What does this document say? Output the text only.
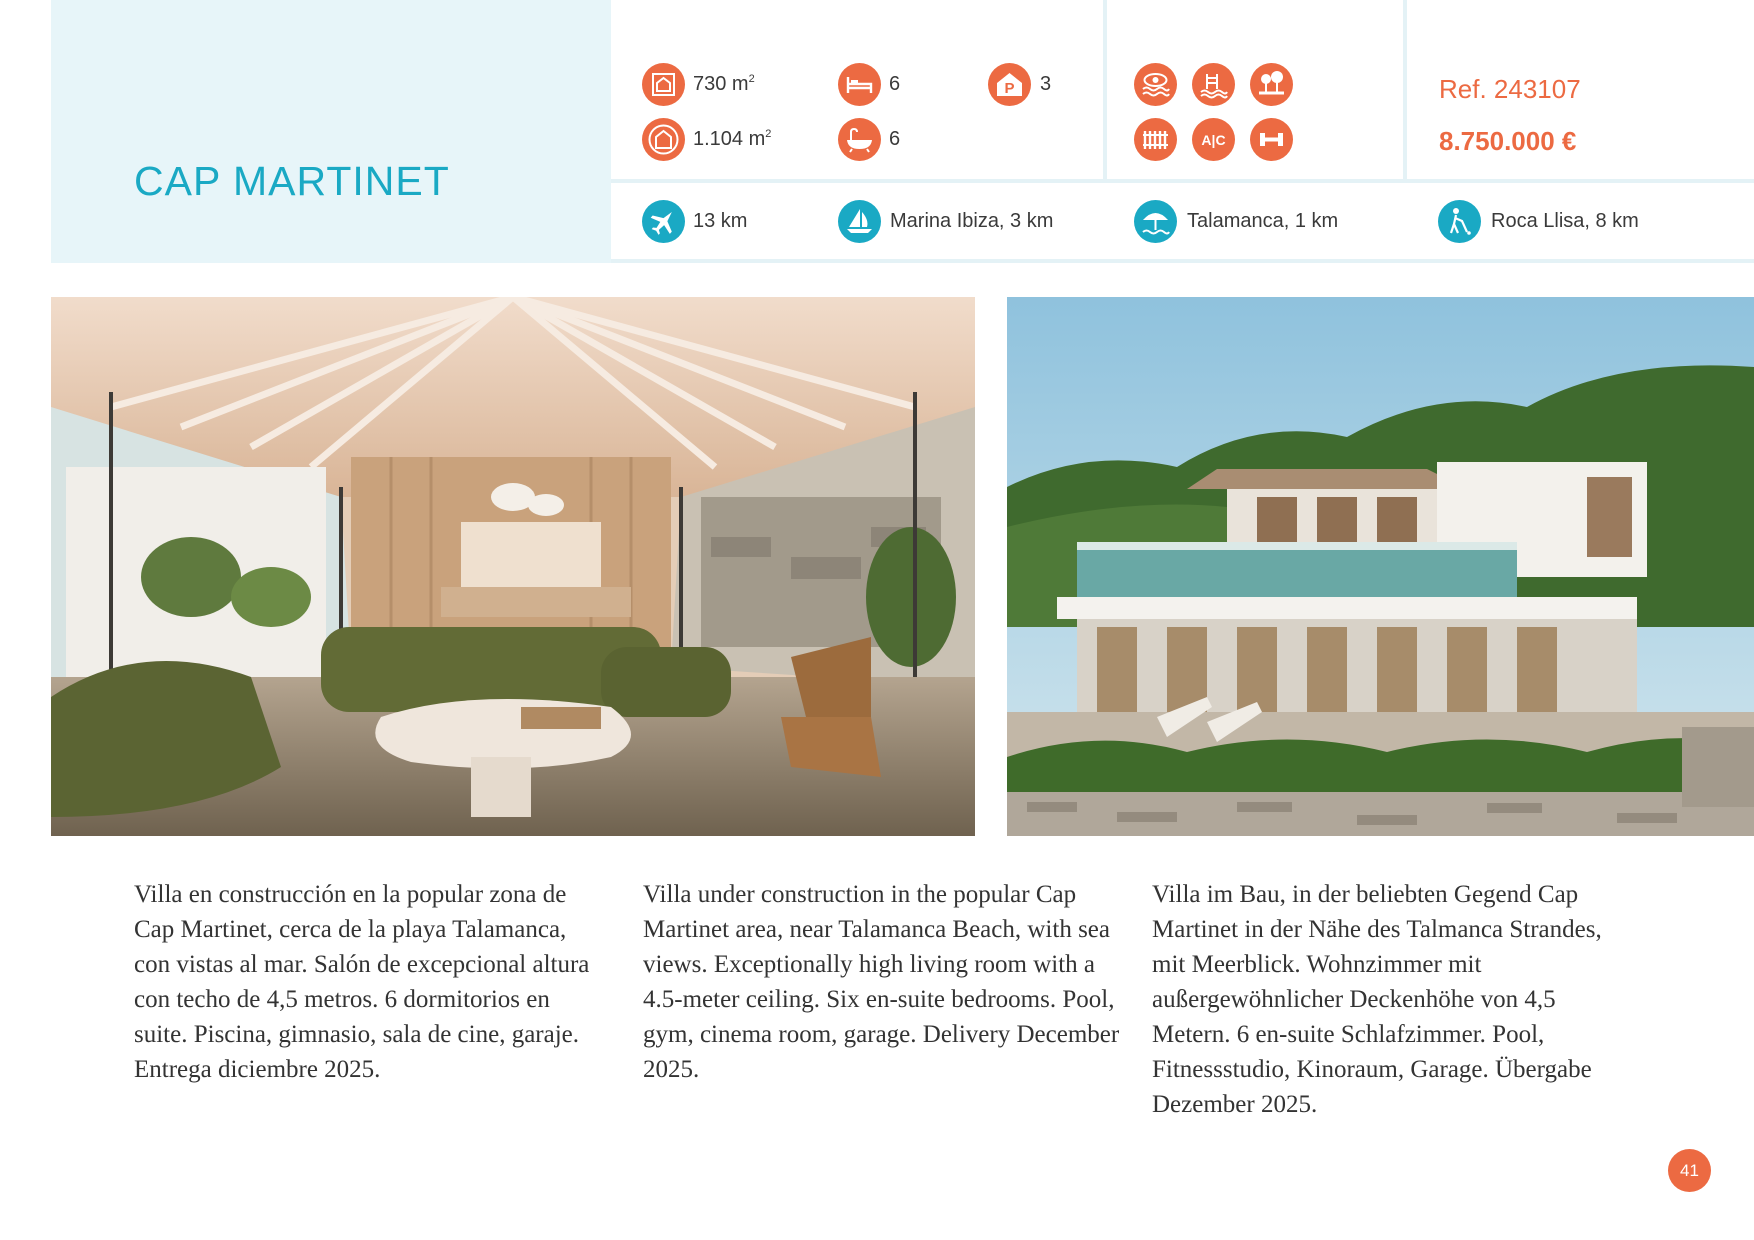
CAP MARTINET
730 $m^2$
1.104 $m^2$
6
6
P 3
A|C
Ref. 243107
8.750.000 €
13 km	Marina Ibiza, 3 km	Talamanca, 1 km	Roca Llisa, 8 km
Villa en construcción en la popular zona de Cap Martinet, cerca de la playa Talamanca, con vistas al mar. Salón de excepcional altura con techo de 4,5 metros. 6 dormitorios en suite. Piscina, gimnasio, sala de cine, garaje. Entrega diciembre 2025.
Villa under construction in the popular Cap Martinet area, near Talamanca Beach, with sea views. Exceptionally high living room with a 4.5-meter ceiling. Six en-suite bedrooms. Pool, gym, cinema room, garage. Delivery December 2025.
Villa im Bau, in der beliebten Gegend Cap Martinet in der Nähe des Talmanca Strandes, mit Meerblick. Wohnzimmer mit außergewöhnlicher Deckenhöhe von 4,5 Metern. 6 en-suite Schlafzimmer. Pool, Fitnessstudio, Kinoraum, Garage. Übergabe Dezember 2025.
41
